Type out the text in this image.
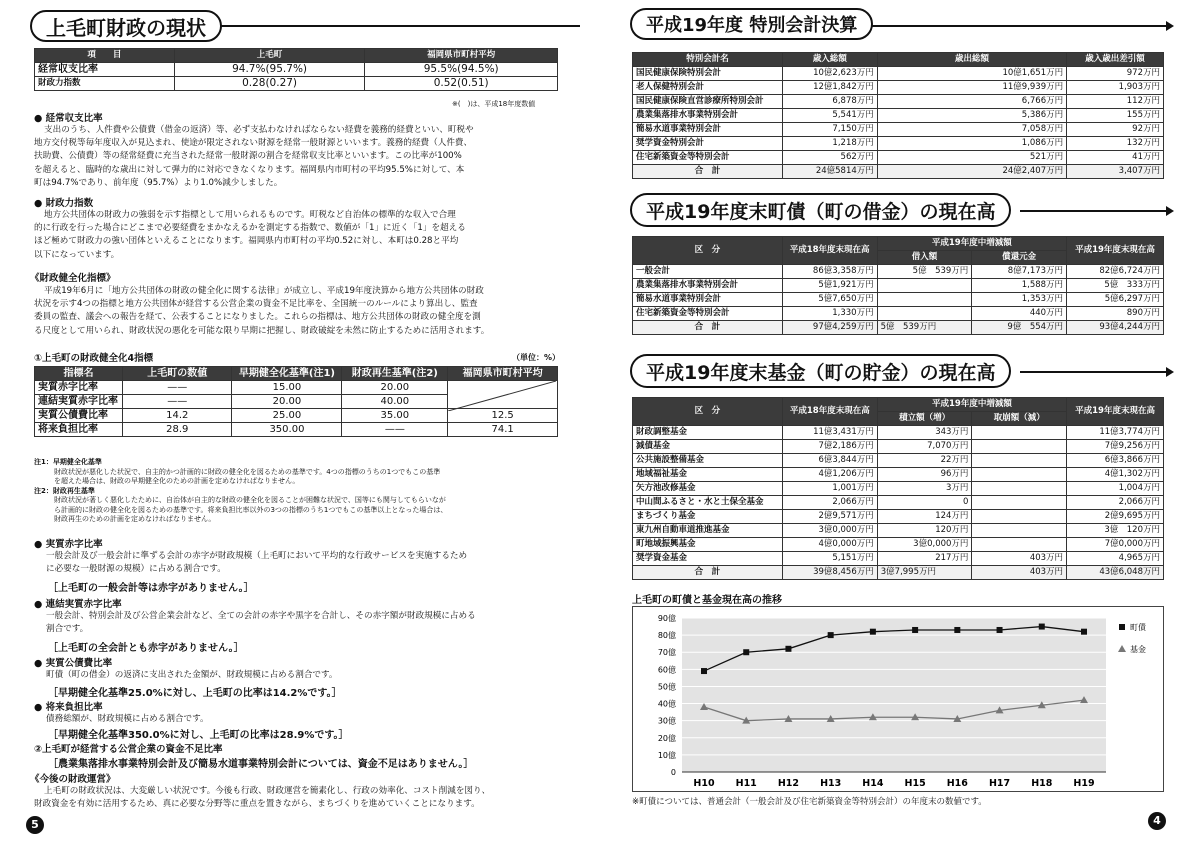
上毛町財政の現状
項　　目	上毛町	福岡県市町村平均
経常収支比率	94.7%(95.7%)	95.5%(94.5%)
財政力指数	0.28(0.27)	0.52(0.51)
※(　)は、平成18年度数値
● 経常収支比率
支出のうち、人件費や公債費（借金の返済）等、必ず支払わなければならない経費を義務的経費といい、町税や
地方交付税等毎年度収入が見込まれ、使途が限定されない財源を経常一般財源といいます。義務的経費（人件費、
扶助費、公債費）等の経常経費に充当された経常一般財源の割合を経常収支比率といいます。この比率が100%
を超えると、臨時的な歳出に対して弾力的に対応できなくなります。福岡県内市町村の平均95.5%に対して、本
町は94.7%であり、前年度（95.7%）より1.0%減少しました。
● 財政力指数
地方公共団体の財政力の強弱を示す指標として用いられるものです。町税など自治体の標準的な収入で合理
的に行政を行った場合にどこまで必要経費をまかなえるかを測定する指数で、数値が「1」に近く「1」を超える
ほど極めて財政力の強い団体といえることになります。福岡県内市町村の平均0.52に対し、本町は0.28と平均
以下になっています。
《財政健全化指標》
平成19年6月に「地方公共団体の財政の健全化に関する法律」が成立し、平成19年度決算から地方公共団体の財政
状況を示す4つの指標と地方公共団体が経営する公営企業の資金不足比率を、全国統一のルールにより算出し、監査
委員の監査、議会への報告を経て、公表することになりました。これらの指標は、地方公共団体の財政の健全度を測
る尺度として用いられ、財政状況の悪化を可能な限り早期に把握し、財政破綻を未然に防止するために活用されます。
①上毛町の財政健全化4指標	（単位：%）
指標名	上毛町の数値	早期健全化基準(注1)	財政再生基準(注2)	福岡県市町村平均
実質赤字比率	——	15.00	20.00	

連結実質赤字比率	——	20.00	40.00	
実質公債費比率	14.2	25.00	35.00	12.5
将来負担比率	28.9	350.00	——	74.1
注1：早期健全化基準
財政状況が悪化した状況で、自主的かつ計画的に財政の健全化を図るための基準です。4つの指標のうちの1つでもこの基準
を超えた場合は、財政の早期健全化のための計画を定めなければなりません。
注2：財政再生基準
財政状況が著しく悪化したために、自治体が自主的な財政の健全化を図ることが困難な状況で、国等にも関与してもらいなが
ら計画的に財政の健全化を図るための基準です。将来負担比率以外の3つの指標のうち1つでもこの基準以上となった場合は、
財政再生のための計画を定めなければなりません。
● 実質赤字比率
一般会計及び一般会計に準ずる会計の赤字が財政規模（上毛町において平均的な行政サービスを実施するため
に必要な一般財源の規模）に占める割合です。
［上毛町の一般会計等は赤字がありません。］
● 連結実質赤字比率
一般会計、特別会計及び公営企業会計など、全ての会計の赤字や黒字を合計し、その赤字額が財政規模に占める
割合です。
［上毛町の全会計とも赤字がありません。］
● 実質公債費比率
町債（町の借金）の返済に支出された金額が、財政規模に占める割合です。
［早期健全化基準25.0%に対し、上毛町の比率は14.2%です。］
● 将来負担比率
債務総額が、財政規模に占める割合です。
［早期健全化基準350.0%に対し、上毛町の比率は28.9%です。］
②上毛町が経営する公営企業の資金不足比率
［農業集落排水事業特別会計及び簡易水道事業特別会計については、資金不足はありません。］
《今後の財政運営》
上毛町の財政状況は、大変厳しい状況です。今後も行政、財政運営を簡素化し、行政の効率化、コスト削減を図り、
財政資金を有効に活用するため、真に必要な分野等に重点を置きながら、まちづくりを進めていくことになります。
5
平成19年度 特別会計決算
特別会計名	歳入総額	歳出総額	歳入歳出差引額
国民健康保険特別会計	10億2,623万円	10億1,651万円	972万円
老人保健特別会計	12億1,842万円	11億9,939万円	1,903万円
国民健康保険直営診療所特別会計	6,878万円	6,766万円	112万円
農業集落排水事業特別会計	5,541万円	5,386万円	155万円
簡易水道事業特別会計	7,150万円	7,058万円	92万円
奨学資金特別会計	1,218万円	1,086万円	132万円
住宅新築資金等特別会計	562万円	521万円	41万円
合　計	24億5814万円	24億2,407万円	3,407万円
平成19年度末町債（町の借金）の現在高
区　分	平成18年度末現在高	平成19年度中増減額		平成19年度末現在高
		借入額	償還元金	
一般会計	86億3,358万円	5億　539万円	8億7,173万円	82億6,724万円
農業集落排水事業特別会計	5億1,921万円		1,588万円	5億　333万円
簡易水道事業特別会計	5億7,650万円		1,353万円	5億6,297万円
住宅新築資金等特別会計	1,330万円		440万円	890万円
合　計	97億4,259万円	5億　539万円	9億　554万円	93億4,244万円
平成19年度末基金（町の貯金）の現在高
区　分	平成18年度末現在高	平成19年度中増減額		平成19年度末現在高
		積立額（増）	取崩額（減）	
財政調整基金	11億3,431万円	343万円		11億3,774万円
減債基金	7億2,186万円	7,070万円		7億9,256万円
公共施設整備基金	6億3,844万円	22万円		6億3,866万円
地域福祉基金	4億1,206万円	96万円		4億1,302万円
矢方池改修基金	1,001万円	3万円		1,004万円
中山間ふるさと・水と土保全基金	2,066万円	0		2,066万円
まちづくり基金	2億9,571万円	124万円		2億9,695万円
東九州自動車道推進基金	3億0,000万円	120万円		3億　120万円
町地域振興基金	4億0,000万円	3億0,000万円		7億0,000万円
奨学資金基金	5,151万円	217万円	403万円	4,965万円
合　計	39億8,456万円	3億7,995万円	403万円	43億6,048万円
上毛町の町債と基金現在高の推移
0
10億
20億
30億
40億
50億
60億
70億
80億
90億
H10 H11 H12 H13 H14 H15 H16 H17 H18 H19
町債
基金
※町債については、普通会計（一般会計及び住宅新築資金等特別会計）の年度末の数値です。
4
